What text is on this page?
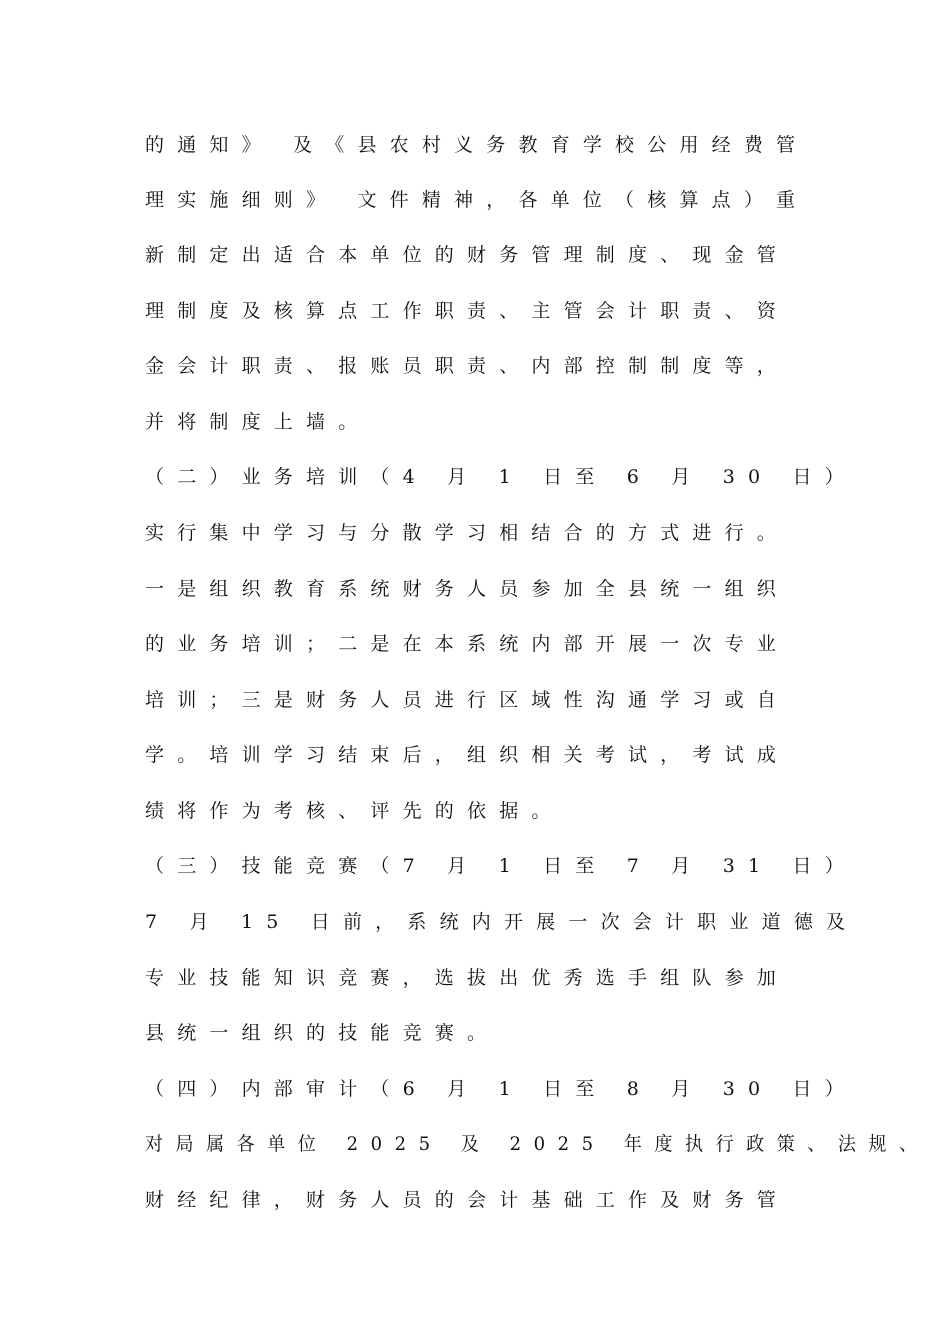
的通知》 及《县农村义务教育学校公用经费管
理实施细则》 文件精神，各单位（核算点）重
新制定出适合本单位的财务管理制度、现金管
理制度及核算点工作职责、主管会计职责、资
金会计职责、报账员职责、内部控制制度等，
并将制度上墙。
（二）业务培训（4 月 1 日至 6 月 30 日）
实行集中学习与分散学习相结合的方式进行。
一是组织教育系统财务人员参加全县统一组织
的业务培训；二是在本系统内部开展一次专业
培训；三是财务人员进行区域性沟通学习或自
学。培训学习结束后，组织相关考试，考试成
绩将作为考核、评先的依据。
（三）技能竞赛（7 月 1 日至 7 月 31 日）
7 月 15 日前，系统内开展一次会计职业道德及
专业技能知识竞赛，选拔出优秀选手组队参加
县统一组织的技能竞赛。
（四）内部审计（6 月 1 日至 8 月 30 日）
对局属各单位 2025 及 2025 年度执行政策、法规、
财经纪律，财务人员的会计基础工作及财务管
